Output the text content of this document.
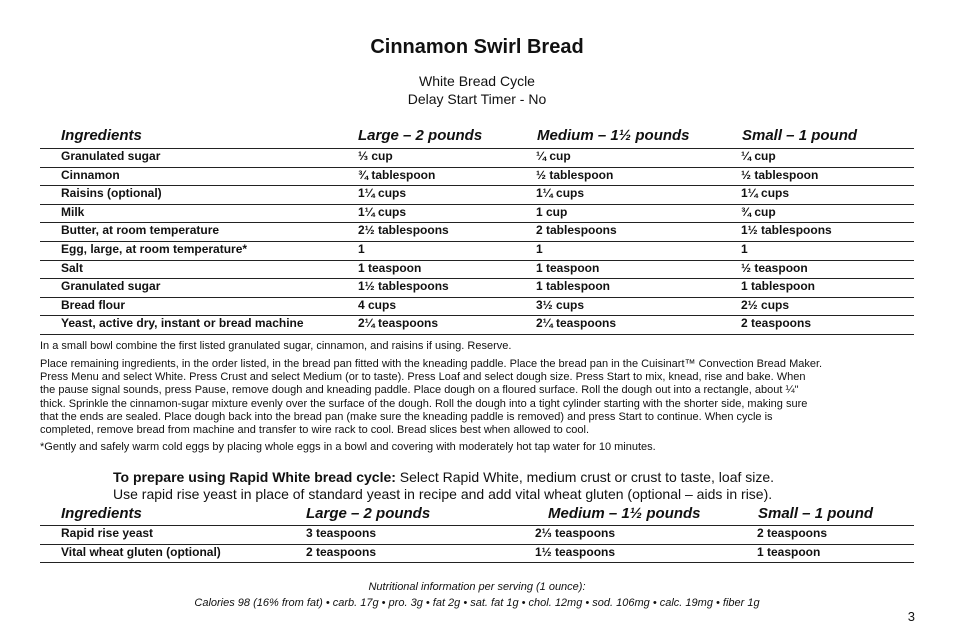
Cinnamon Swirl Bread
White Bread Cycle
Delay Start Timer - No
Ingredients	Large – 2 pounds	Medium – 1½ pounds	Small – 1 pound
Granulated sugar	⅓ cup	¼ cup	¼ cup
Cinnamon	¾ tablespoon	½ tablespoon	½ tablespoon
Raisins (optional)	1¼ cups	1¼ cups	1¼ cups
Milk	1¼ cups	1 cup	¾ cup
Butter, at room temperature	2½ tablespoons	2 tablespoons	1½ tablespoons
Egg, large, at room temperature*	1	1	1
Salt	1 teaspoon	1 teaspoon	½ teaspoon
Granulated sugar	1½ tablespoons	1 tablespoon	1 tablespoon
Bread flour	4 cups	3½ cups	2½ cups
Yeast, active dry, instant or bread machine	2¼ teaspoons	2¼ teaspoons	2 teaspoons
In a small bowl combine the first listed granulated sugar, cinnamon, and raisins if using. Reserve.
Place remaining ingredients, in the order listed, in the bread pan fitted with the kneading paddle. Place the bread pan in the Cuisinart™ Convection Bread Maker.
Press Menu and select White. Press Crust and select Medium (or to taste). Press Loaf and select dough size. Press Start to mix, knead, rise and bake. When
the pause signal sounds, press Pause, remove dough and kneading paddle. Place dough on a floured surface. Roll the dough out into a rectangle, about ¼"
thick. Sprinkle the cinnamon-sugar mixture evenly over the surface of the dough. Roll the dough into a tight cylinder starting with the shorter side, making sure
that the ends are sealed. Place dough back into the bread pan (make sure the kneading paddle is removed) and press Start to continue. When cycle is
completed, remove bread from machine and transfer to wire rack to cool. Bread slices best when allowed to cool.
*Gently and safely warm cold eggs by placing whole eggs in a bowl and covering with moderately hot tap water for 10 minutes.
To prepare using Rapid White bread cycle: Select Rapid White, medium crust or crust to taste, loaf size.
Use rapid rise yeast in place of standard yeast in recipe and add vital wheat gluten (optional – aids in rise).
Ingredients	Large – 2 pounds	Medium – 1½ pounds	Small – 1 pound
Rapid rise yeast	3 teaspoons	2⅓ teaspoons	2 teaspoons
Vital wheat gluten (optional)	2 teaspoons	1½ teaspoons	1 teaspoon
Nutritional information per serving (1 ounce):
Calories 98 (16% from fat) • carb. 17g • pro. 3g • fat 2g • sat. fat 1g • chol. 12mg • sod. 106mg • calc. 19mg • fiber 1g
3
